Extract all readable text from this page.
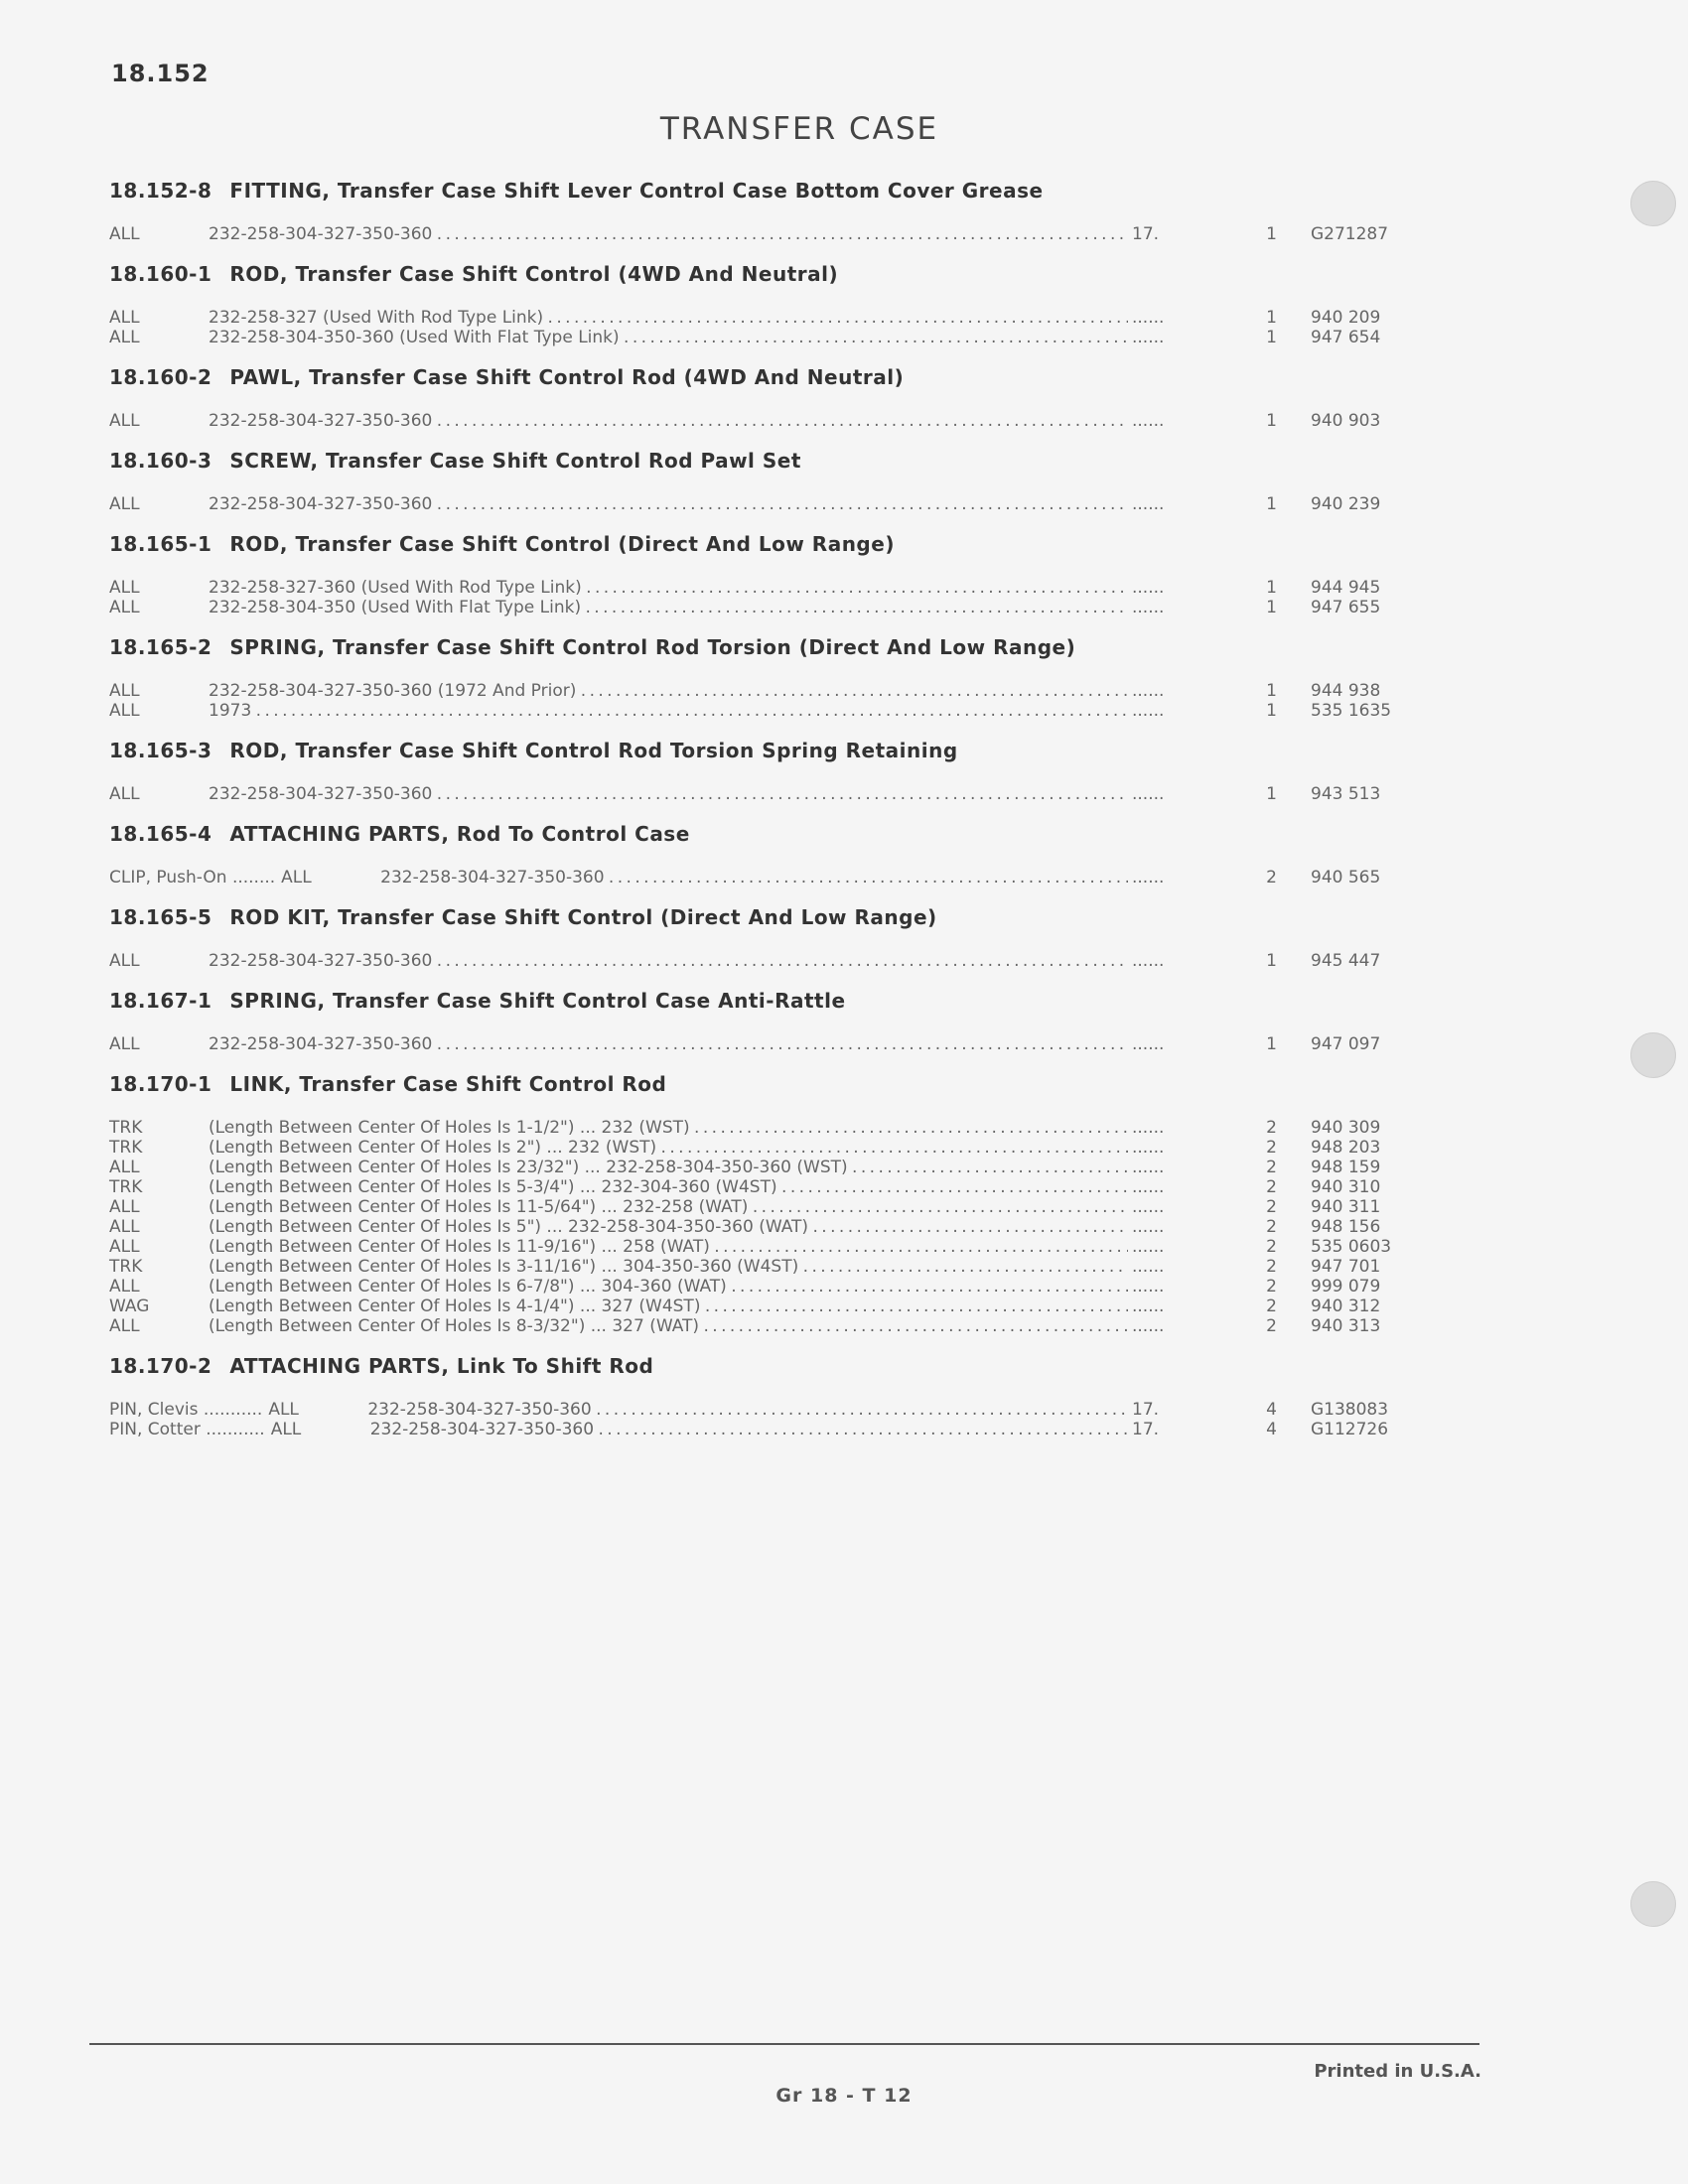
18.152
TRANSFER CASE
18.152-8 FITTING, Transfer Case Shift Lever Control Case Bottom Cover Grease
ALL	232-258-304-327-350-360 . . .	17.	1	G271287
18.160-1 ROD, Transfer Case Shift Control (4WD And Neutral)
ALL	232-258-327 (Used With Rod Type Link) . . . ......	1	940 209
ALL	232-258-304-350-360 (Used With Flat Type Link) . . . ......	1	947 654
18.160-2 PAWL, Transfer Case Shift Control Rod (4WD And Neutral)
ALL	232-258-304-327-350-360 . . . ......	1	940 903
18.160-3 SCREW, Transfer Case Shift Control Rod Pawl Set
ALL	232-258-304-327-350-360 . . . ......	1	940 239
18.165-1 ROD, Transfer Case Shift Control (Direct And Low Range)
ALL	232-258-327-360 (Used With Rod Type Link) . . . ......	1	944 945
ALL	232-258-304-350 (Used With Flat Type Link) . . . ......	1	947 655
18.165-2 SPRING, Transfer Case Shift Control Rod Torsion (Direct And Low Range)
ALL	232-258-304-327-350-360 (1972 And Prior) . . . ......	1	944 938
ALL	1973 . . . ......	1	535 1635
18.165-3 ROD, Transfer Case Shift Control Rod Torsion Spring Retaining
ALL	232-258-304-327-350-360 . . . ......	1	943 513
18.165-4 ATTACHING PARTS, Rod To Control Case
CLIP, Push-On ........ ALL	232-258-304-327-350-360 . . . ......	2	940 565
18.165-5 ROD KIT, Transfer Case Shift Control (Direct And Low Range)
ALL	232-258-304-327-350-360 . . . ......	1	945 447
18.167-1 SPRING, Transfer Case Shift Control Case Anti-Rattle
ALL	232-258-304-327-350-360 . . . ......	1	947 097
18.170-1 LINK, Transfer Case Shift Control Rod
TRK	(Length Between Center Of Holes Is 1-1/2") ... 232 (WST) . . . ......	2	940 309
TRK	(Length Between Center Of Holes Is 2") ... 232 (WST) . . . ......	2	948 203
ALL	(Length Between Center Of Holes Is 23/32") ... 232-258-304-350-360 (WST) . . . ......	2	948 159
TRK	(Length Between Center Of Holes Is 5-3/4") ... 232-304-360 (W4ST) . . . ......	2	940 310
ALL	(Length Between Center Of Holes Is 11-5/64") ... 232-258 (WAT) . . . ......	2	940 311
ALL	(Length Between Center Of Holes Is 5") ... 232-258-304-350-360 (WAT) . . . ......	2	948 156
ALL	(Length Between Center Of Holes Is 11-9/16") ... 258 (WAT) . . . ......	2	535 0603
TRK	(Length Between Center Of Holes Is 3-11/16") ... 304-350-360 (W4ST) . . . ......	2	947 701
ALL	(Length Between Center Of Holes Is 6-7/8") ... 304-360 (WAT) . . . ......	2	999 079
WAG	(Length Between Center Of Holes Is 4-1/4") ... 327 (W4ST) . . . ......	2	940 312
ALL	(Length Between Center Of Holes Is 8-3/32") ... 327 (WAT) . . . ......	2	940 313
18.170-2 ATTACHING PARTS, Link To Shift Rod
PIN, Clevis ........... ALL	232-258-304-327-350-360 . . .	17.	4	G138083
PIN, Cotter ........... ALL	232-258-304-327-350-360 . . .	17.	4	G112726
Printed in U.S.A.
Gr 18 - T 12
